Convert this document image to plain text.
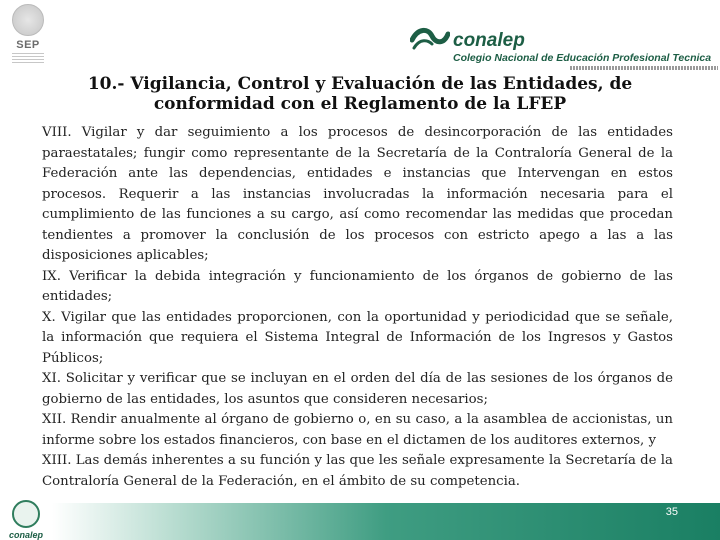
SEP	conalep
Colegio Nacional de Educación Profesional Tecnica
10.- Vigilancia, Control y Evaluación de las Entidades, de
conformidad con el Reglamento de la LFEP

VIII. Vigilar y dar seguimiento a los procesos de desincorporación de las entidades paraestatales; fungir como representante de la Secretaría de la Contraloría General de la Federación ante las dependencias, entidades e instancias que Intervengan en estos procesos. Requerir a las instancias involucradas la información necesaria para el cumplimiento de las funciones a su cargo, así como recomendar las medidas que procedan tendientes a promover la conclusión de los procesos con estricto apego a las a las disposiciones aplicables;

IX. Verificar la debida integración y funcionamiento de los órganos de gobierno de las entidades;

X. Vigilar que las entidades proporcionen, con la oportunidad y periodicidad que se señale, la información que requiera el Sistema Integral de Información de los Ingresos y Gastos Públicos;

XI. Solicitar y verificar que se incluyan en el orden del día de las sesiones de los órganos de gobierno de las entidades, los asuntos que consideren necesarios;

XII. Rendir anualmente al órgano de gobierno o, en su caso, a la asamblea de accionistas, un informe sobre los estados financieros, con base en el dictamen de los auditores externos, y

XIII. Las demás inherentes a su función y las que les señale expresamente la Secretaría de la Contraloría General de la Federación, en el ámbito de su competencia.

35
conalep
